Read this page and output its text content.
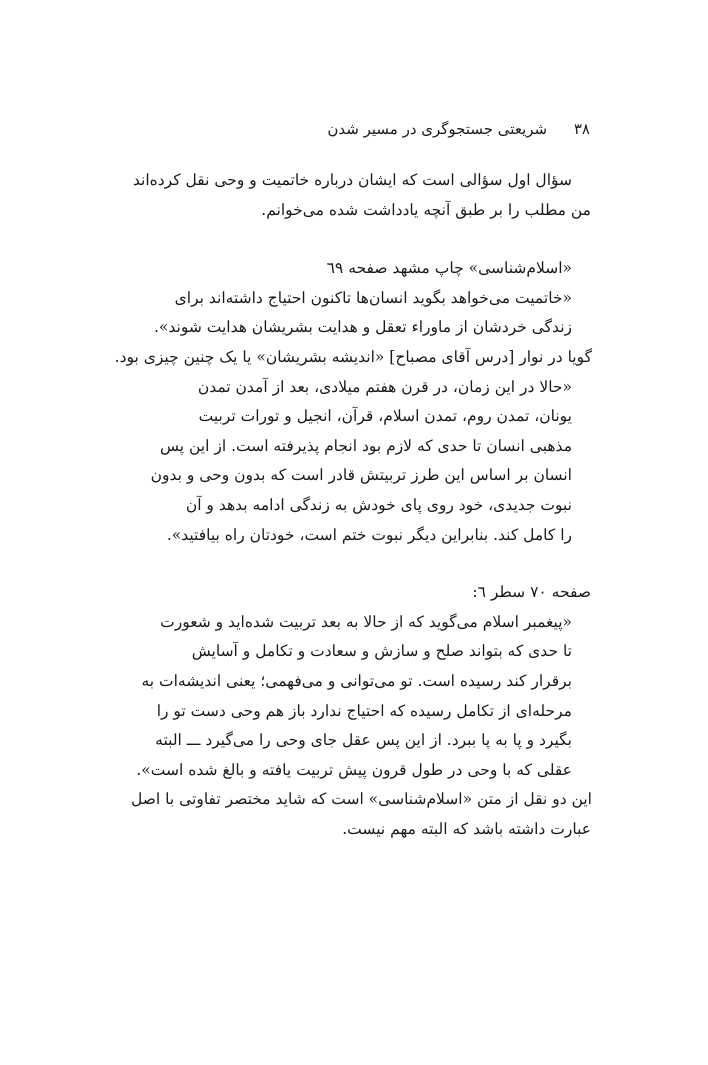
۳۸ شریعتی جستجوگری در مسیر شدن
سؤال اول سؤالی است که ایشان درباره خاتمیت و وحی نقل کرده‌اند
من مطلب را بر طبق آنچه یادداشت شده می‌خوانم.
«اسلام‌شناسی» چاپ مشهد صفحه ٦٩
«خاتمیت می‌خواهد بگوید انسان‌ها تاکنون احتیاج داشته‌اند برای
زندگی خردشان از ماوراء تعقل و هدایت بشریشان هدایت شوند».
گویا در نوار [درس آقای مصباح] «اندیشه بشریشان» یا یک چنین چیزی بود.
«حالا در این زمان، در قرن هفتم میلادی، بعد از آمدن تمدن
یونان، تمدن روم، تمدن اسلام، قرآن، انجیل و تورات تربیت
مذهبی انسان تا حدی که لازم بود انجام پذیرفته است. از این پس
انسان بر اساس این طرز تربیتش قادر است که بدون وحی و بدون
نبوت جدیدی، خود روی پای خودش به زندگی ادامه بدهد و آن
را کامل کند. بنابراین دیگر نبوت ختم است، خودتان راه بیافتید».
صفحه ۷۰ سطر ٦:
«پیغمبر اسلام می‌گوید که از حالا به بعد تربیت شده‌اید و شعورت
تا حدی که بتواند صلح و سازش و سعادت و تکامل و آسایش
برقرار کند رسیده است. تو می‌توانی و می‌فهمی؛ یعنی اندیشه‌ات به
مرحله‌ای از تکامل رسیده که احتیاج ندارد باز هم وحی دست تو را
بگیرد و پا به پا ببرد. از این پس عقل جای وحی را می‌گیرد ـــ البته
عقلی که با وحی در طول قرون پیش تربیت یافته و بالغ شده است».
این دو نقل از متن «اسلام‌شناسی» است که شاید مختصر تفاوتی با اصل
عبارت داشته باشد که البته مهم نیست.
